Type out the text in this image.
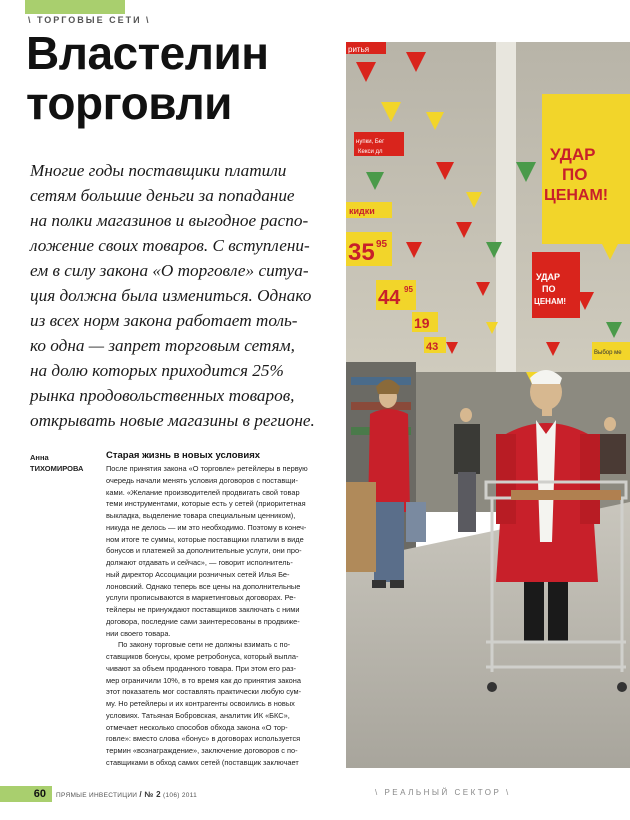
\ ТОРГОВЫЕ СЕТИ \
Властелин
торговли
Многие годы поставщики платили
сетям большие деньги за попадание
на полки магазинов и выгодное распо-
ложение своих товаров. С вступлени-
ем в силу закона «О торговле» ситуа-
ция должна была измениться. Однако
из всех норм закона работает толь-
ко одна — запрет торговым сетям,
на долю которых приходится 25%
рынка продовольственных товаров,
открывать новые магазины в регионе.
Анна
ТИХОМИРОВА
Старая жизнь в новых условиях
После принятия закона «О торговле» ретейлеры в первую
очередь начали менять условия договоров с поставщи-
ками. «Желание производителей продвигать свой товар
теми инструментами, которые есть у сетей (приоритетная
выкладка, выделение товара специальным ценником),
никуда не делось — им это необходимо. Поэтому в конеч-
ном итоге те суммы, которые поставщики платили в виде
бонусов и платежей за дополнительные услуги, они про-
должают отдавать и сейчас», — говорит исполнитель-
ный директор Ассоциации розничных сетей Илья Бе-
лоновский. Однако теперь все цены на дополнительные
услуги прописываются в маркетинговых договорах. Ре-
тейлеры не принуждают поставщиков заключать с ними
договора, последние сами заинтересованы в продвиже-
нии своего товара.
По закону торговые сети не должны взимать с по-
ставщиков бонусы, кроме ретробонуса, который выпла-
чивают за объем проданного товара. При этом его раз-
мер ограничили 10%, в то время как до принятия закона
этот показатель мог составлять практически любую сум-
му. Но ретейлеры и их контрагенты освоились в новых
условиях. Татьяная Бобровская, аналитик ИК «БКС»,
отмечает несколько способов обхода закона «О тор-
говле»: вместо слова «бонус» в договорах используется
термин «вознаграждение», заключение договоров с по-
ставщиками в обход самих сетей (поставщик заключает
ритья
нупки, Бег
Кекси дл
кидки
35 95
44 95
19
43
УДАР
ПО
ЦЕНАМ!
УДАР
ПО
ЦЕНАМ!
Выбор ме
60	ПРЯМЫЕ ИНВЕСТИЦИИ / № 2 (106) 2011	\ РЕАЛЬНЫЙ СЕКТОР \
